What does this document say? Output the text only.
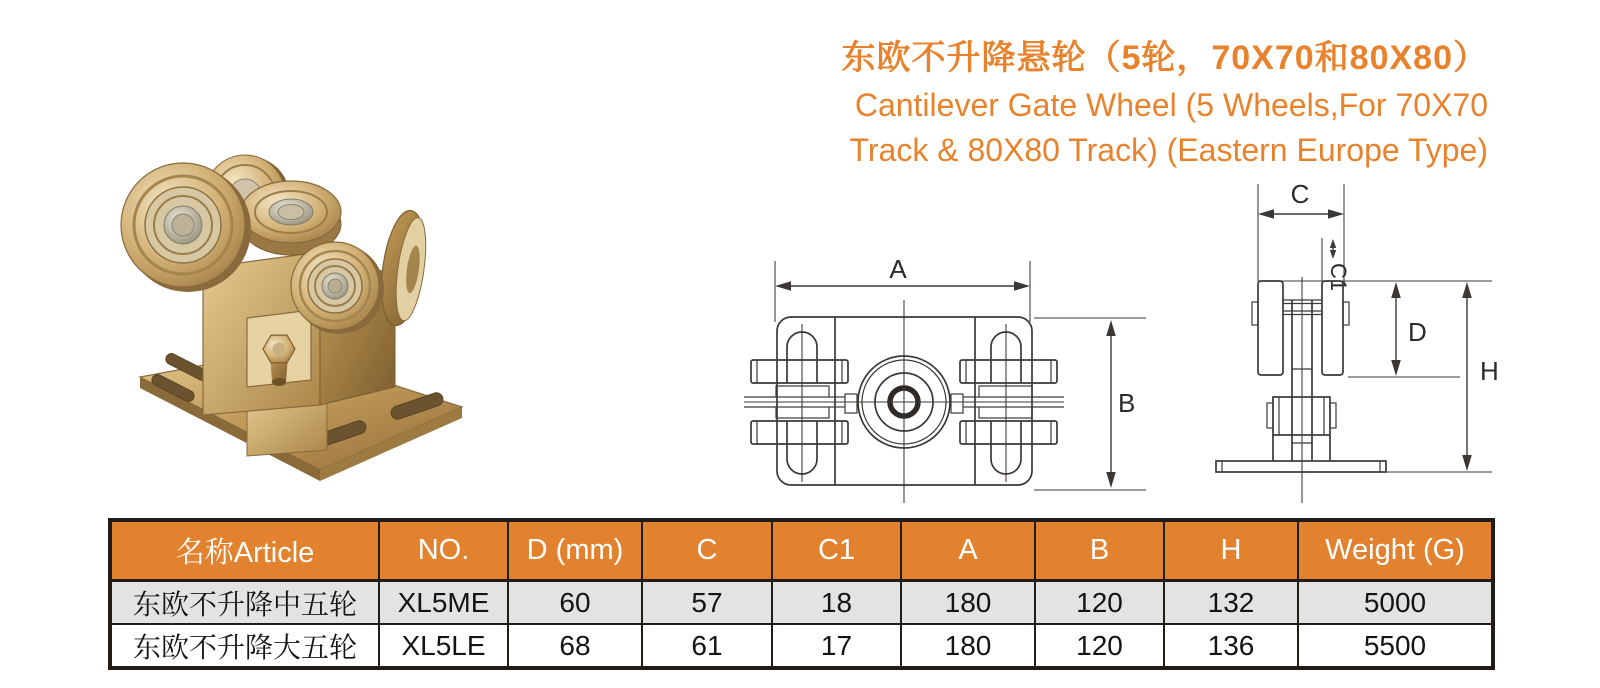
东欧不升降悬轮（5轮，70X70和80X80）
Cantilever Gate Wheel (5 Wheels,For 70X70
Track & 80X80 Track) (Eastern Europe Type)
A
B
C
C1
D
H
名称Article	NO.	D (mm)	C	C1	A	B	H	Weight (G)
东欧不升降中五轮	XL5ME	60	57	18	180	120	132	5000
东欧不升降大五轮	XL5LE	68	61	17	180	120	136	5500
